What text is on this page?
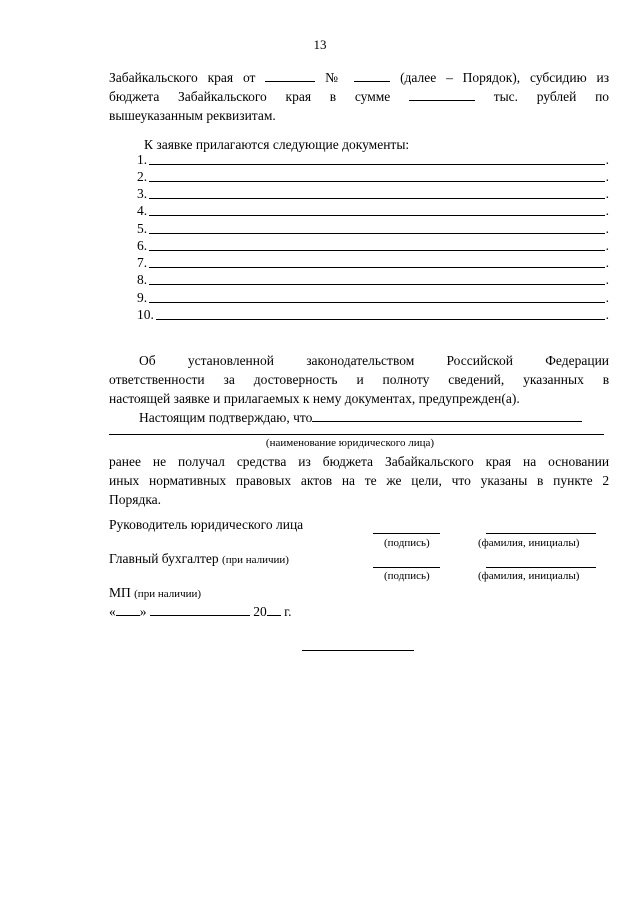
13
Забайкальского края от	№	(далее – Порядок), субсидию из
бюджета Забайкальского края в сумме	тыс. рублей по
вышеуказанным реквизитам.
К заявке прилагаются следующие документы:
1.	.
2.	.
3.	.
4.	.
5.	.
6.	.
7.	.
8.	.
9.	.
10.	.
Об установленной законодательством Российской Федерации
ответственности за достоверность и полноту сведений, указанных в
настоящей заявке и прилагаемых к нему документах, предупрежден(а).
Настоящим подтверждаю, что
(наименование юридического лица)
ранее не получал средства из бюджета Забайкальского края на основании
иных нормативных правовых актов на те же цели, что указаны в пункте 2
Порядка.
Руководитель юридического лица
(подпись)	(фамилия, инициалы)
Главный бухгалтер (при наличии)
(подпись)	(фамилия, инициалы)
МП (при наличии)
« »	20 г.
